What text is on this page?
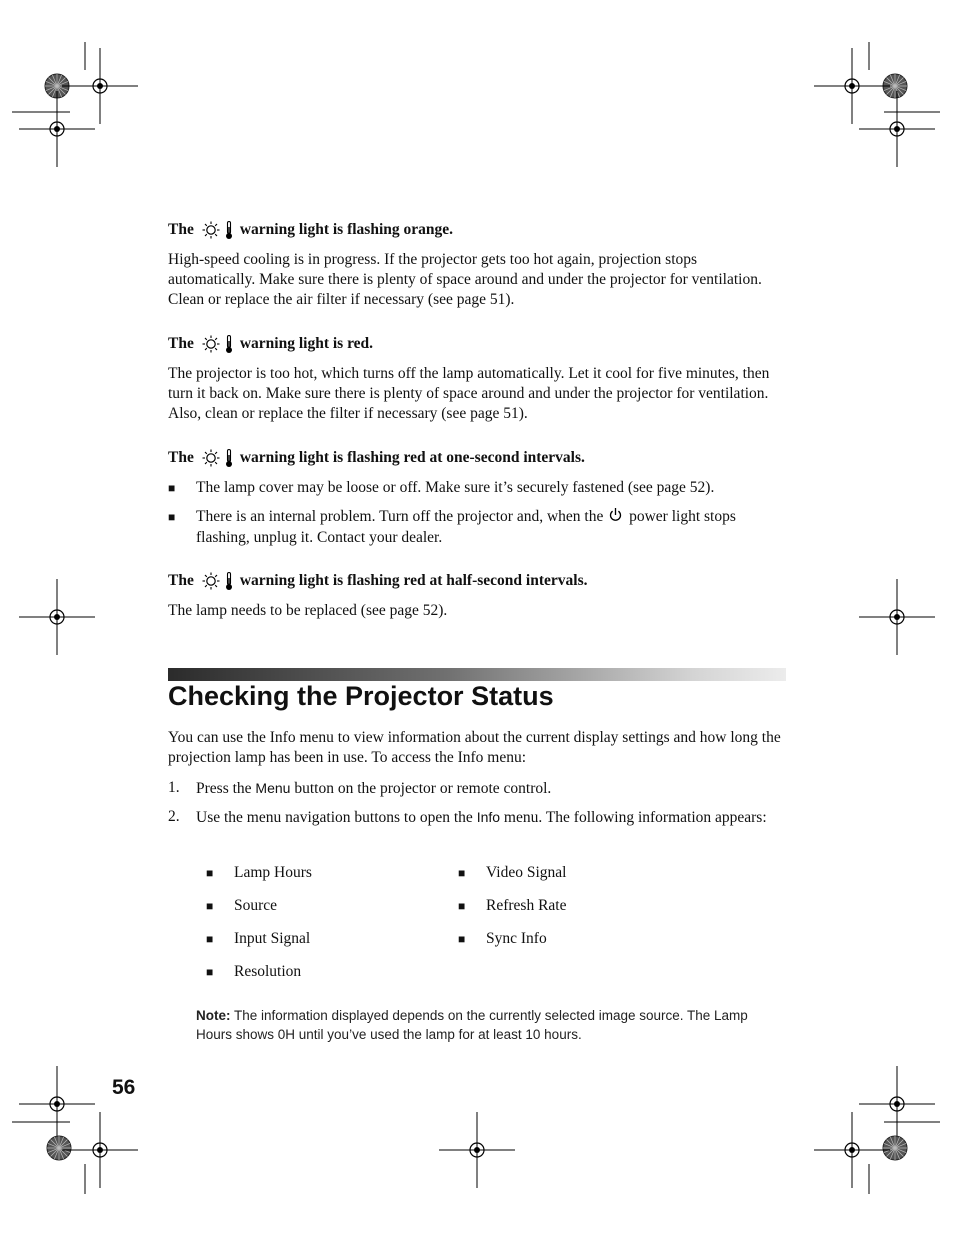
The	warning light is flashing orange.
High-speed cooling is in progress. If the projector gets too hot again, projection stops automatically. Make sure there is plenty of space around and under the projector for ventilation. Clean or replace the air filter if necessary (see page 51).
The	warning light is red.
The projector is too hot, which turns off the lamp automatically. Let it cool for five minutes, then turn it back on. Make sure there is plenty of space around and under the projector for ventilation. Also, clean or replace the filter if necessary (see page 51).
The	warning light is flashing red at one-second intervals.
■	The lamp cover may be loose or off. Make sure it’s securely fastened (see page 52).
■	There is an internal problem. Turn off the projector and, when the power light stops flashing, unplug it. Contact your dealer.
The	warning light is flashing red at half-second intervals.
The lamp needs to be replaced (see page 52).
Checking the Projector Status
You can use the Info menu to view information about the current display settings and how long the projection lamp has been in use. To access the Info menu:
1.	Press the Menu button on the projector or remote control.
2.	Use the menu navigation buttons to open the Info menu. The following information appears:
■	Lamp Hours
■	Source
■	Input Signal
■	Resolution
■	Video Signal
■	Refresh Rate
■	Sync Info
Note: The information displayed depends on the currently selected image source. The Lamp Hours shows 0H until you’ve used the lamp for at least 10 hours.
56
